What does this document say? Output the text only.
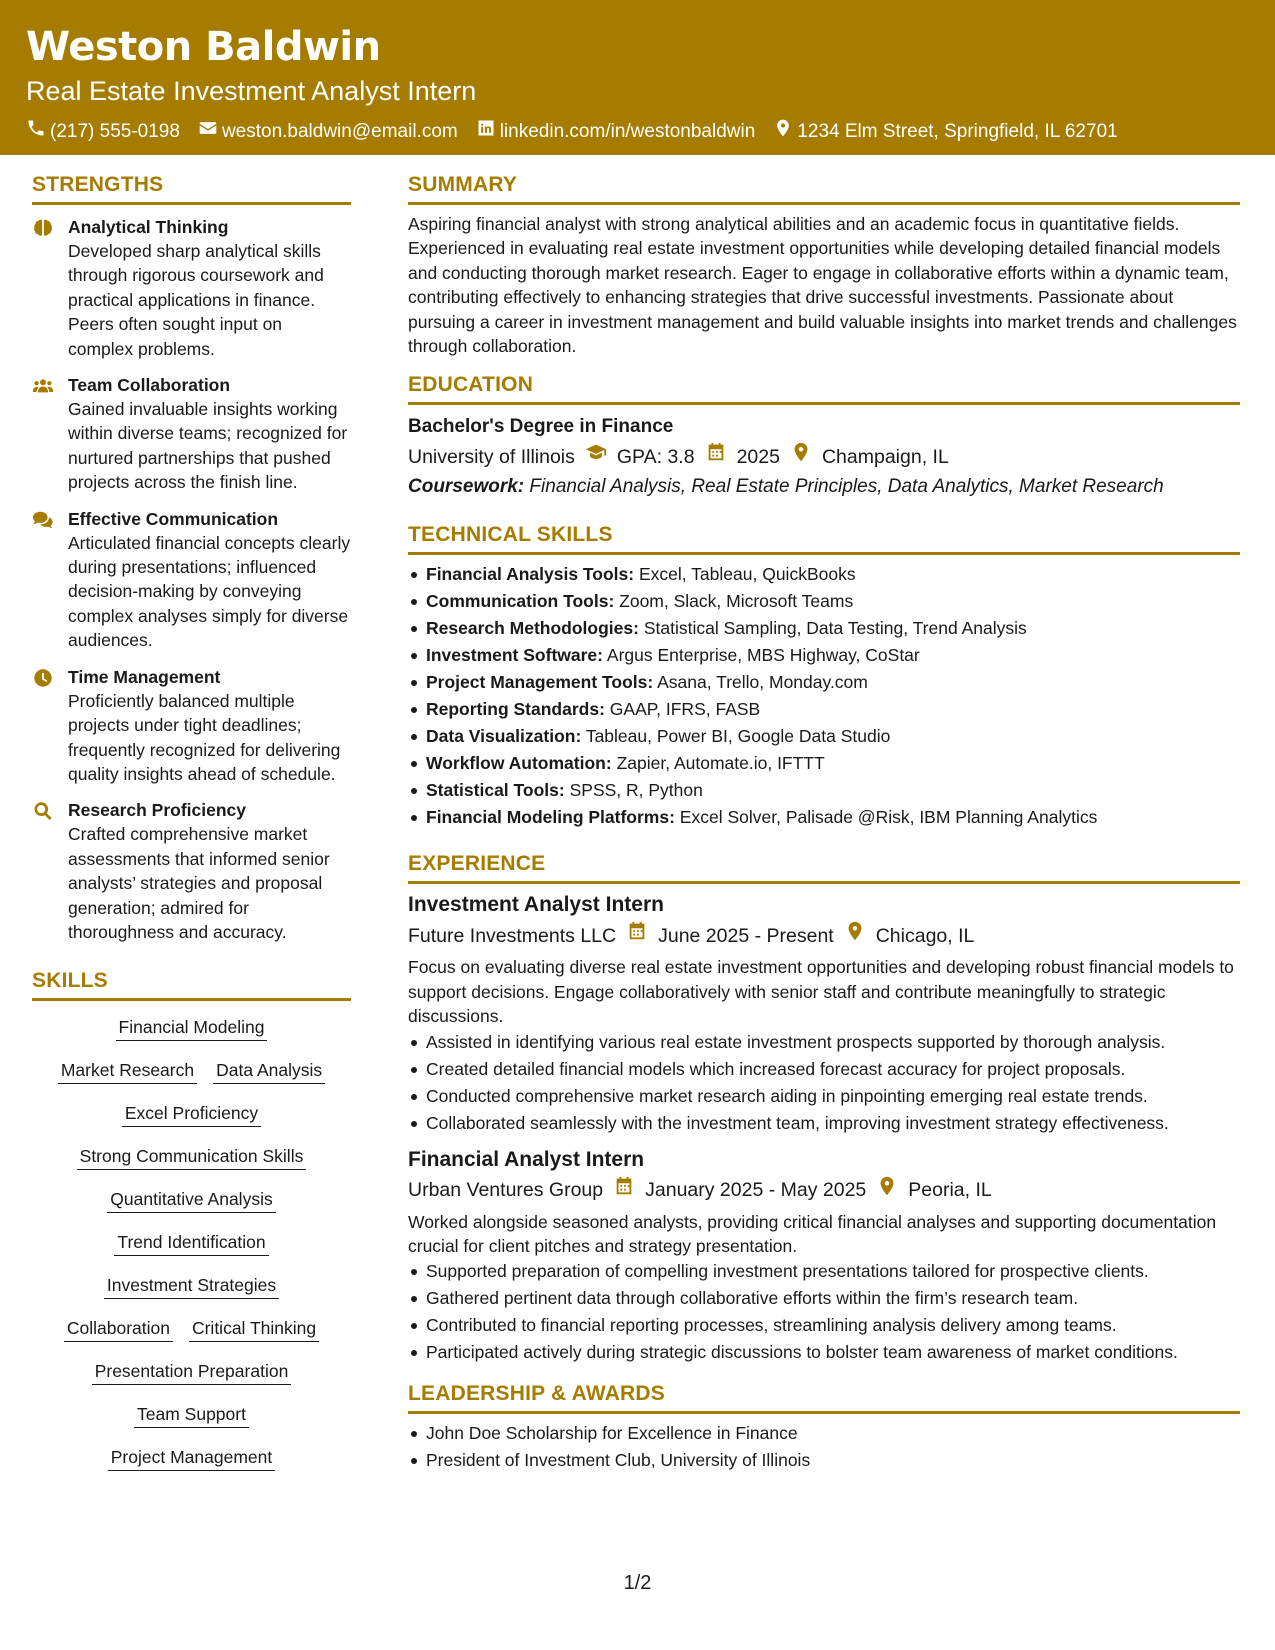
Weston Baldwin
Real Estate Investment Analyst Intern
(217) 555-0198 weston.baldwin@email.com linkedin.com/in/westonbaldwin 1234 Elm Street, Springfield, IL 62701
STRENGTHS
Analytical Thinking
Developed sharp analytical skills through rigorous coursework and practical applications in finance. Peers often sought input on complex problems.
Team Collaboration
Gained invaluable insights working within diverse teams; recognized for nurtured partnerships that pushed projects across the finish line.
Effective Communication
Articulated financial concepts clearly during presentations; influenced decision-making by conveying complex analyses simply for diverse audiences.
Time Management
Proficiently balanced multiple projects under tight deadlines; frequently recognized for delivering quality insights ahead of schedule.
Research Proficiency
Crafted comprehensive market assessments that informed senior analysts’ strategies and proposal generation; admired for thoroughness and accuracy.
SKILLS
Financial Modeling
Market Research Data Analysis
Excel Proficiency
Strong Communication Skills
Quantitative Analysis
Trend Identification
Investment Strategies
Collaboration Critical Thinking
Presentation Preparation
Team Support
Project Management
SUMMARY

Aspiring financial analyst with strong analytical abilities and an academic focus in quantitative fields. Experienced in evaluating real estate investment opportunities while developing detailed financial models and conducting thorough market research. Eager to engage in collaborative efforts within a dynamic team, contributing effectively to enhancing strategies that drive successful investments. Passionate about pursuing a career in investment management and build valuable insights into market trends and challenges through collaboration.

EDUCATION
Bachelor's Degree in Finance
University of Illinois GPA: 3.8 2025 Champaign, IL
Coursework: Financial Analysis, Real Estate Principles, Data Analytics, Market Research
TECHNICAL SKILLS
Financial Analysis Tools: Excel, Tableau, QuickBooks
Communication Tools: Zoom, Slack, Microsoft Teams
Research Methodologies: Statistical Sampling, Data Testing, Trend Analysis
Investment Software: Argus Enterprise, MBS Highway, CoStar
Project Management Tools: Asana, Trello, Monday.com
Reporting Standards: GAAP, IFRS, FASB
Data Visualization: Tableau, Power BI, Google Data Studio
Workflow Automation: Zapier, Automate.io, IFTTT
Statistical Tools: SPSS, R, Python
Financial Modeling Platforms: Excel Solver, Palisade @Risk, IBM Planning Analytics
EXPERIENCE
Investment Analyst Intern
Future Investments LLC June 2025 - Present Chicago, IL

Focus on evaluating diverse real estate investment opportunities and developing robust financial models to support decisions. Engage collaboratively with senior staff and contribute meaningfully to strategic discussions.

Assisted in identifying various real estate investment prospects supported by thorough analysis.
Created detailed financial models which increased forecast accuracy for project proposals.
Conducted comprehensive market research aiding in pinpointing emerging real estate trends.
Collaborated seamlessly with the investment team, improving investment strategy effectiveness.
Financial Analyst Intern
Urban Ventures Group January 2025 - May 2025 Peoria, IL

Worked alongside seasoned analysts, providing critical financial analyses and supporting documentation crucial for client pitches and strategy presentation.

Supported preparation of compelling investment presentations tailored for prospective clients.
Gathered pertinent data through collaborative efforts within the firm’s research team.
Contributed to financial reporting processes, streamlining analysis delivery among teams.
Participated actively during strategic discussions to bolster team awareness of market conditions.
LEADERSHIP & AWARDS
John Doe Scholarship for Excellence in Finance
President of Investment Club, University of Illinois
1/2
